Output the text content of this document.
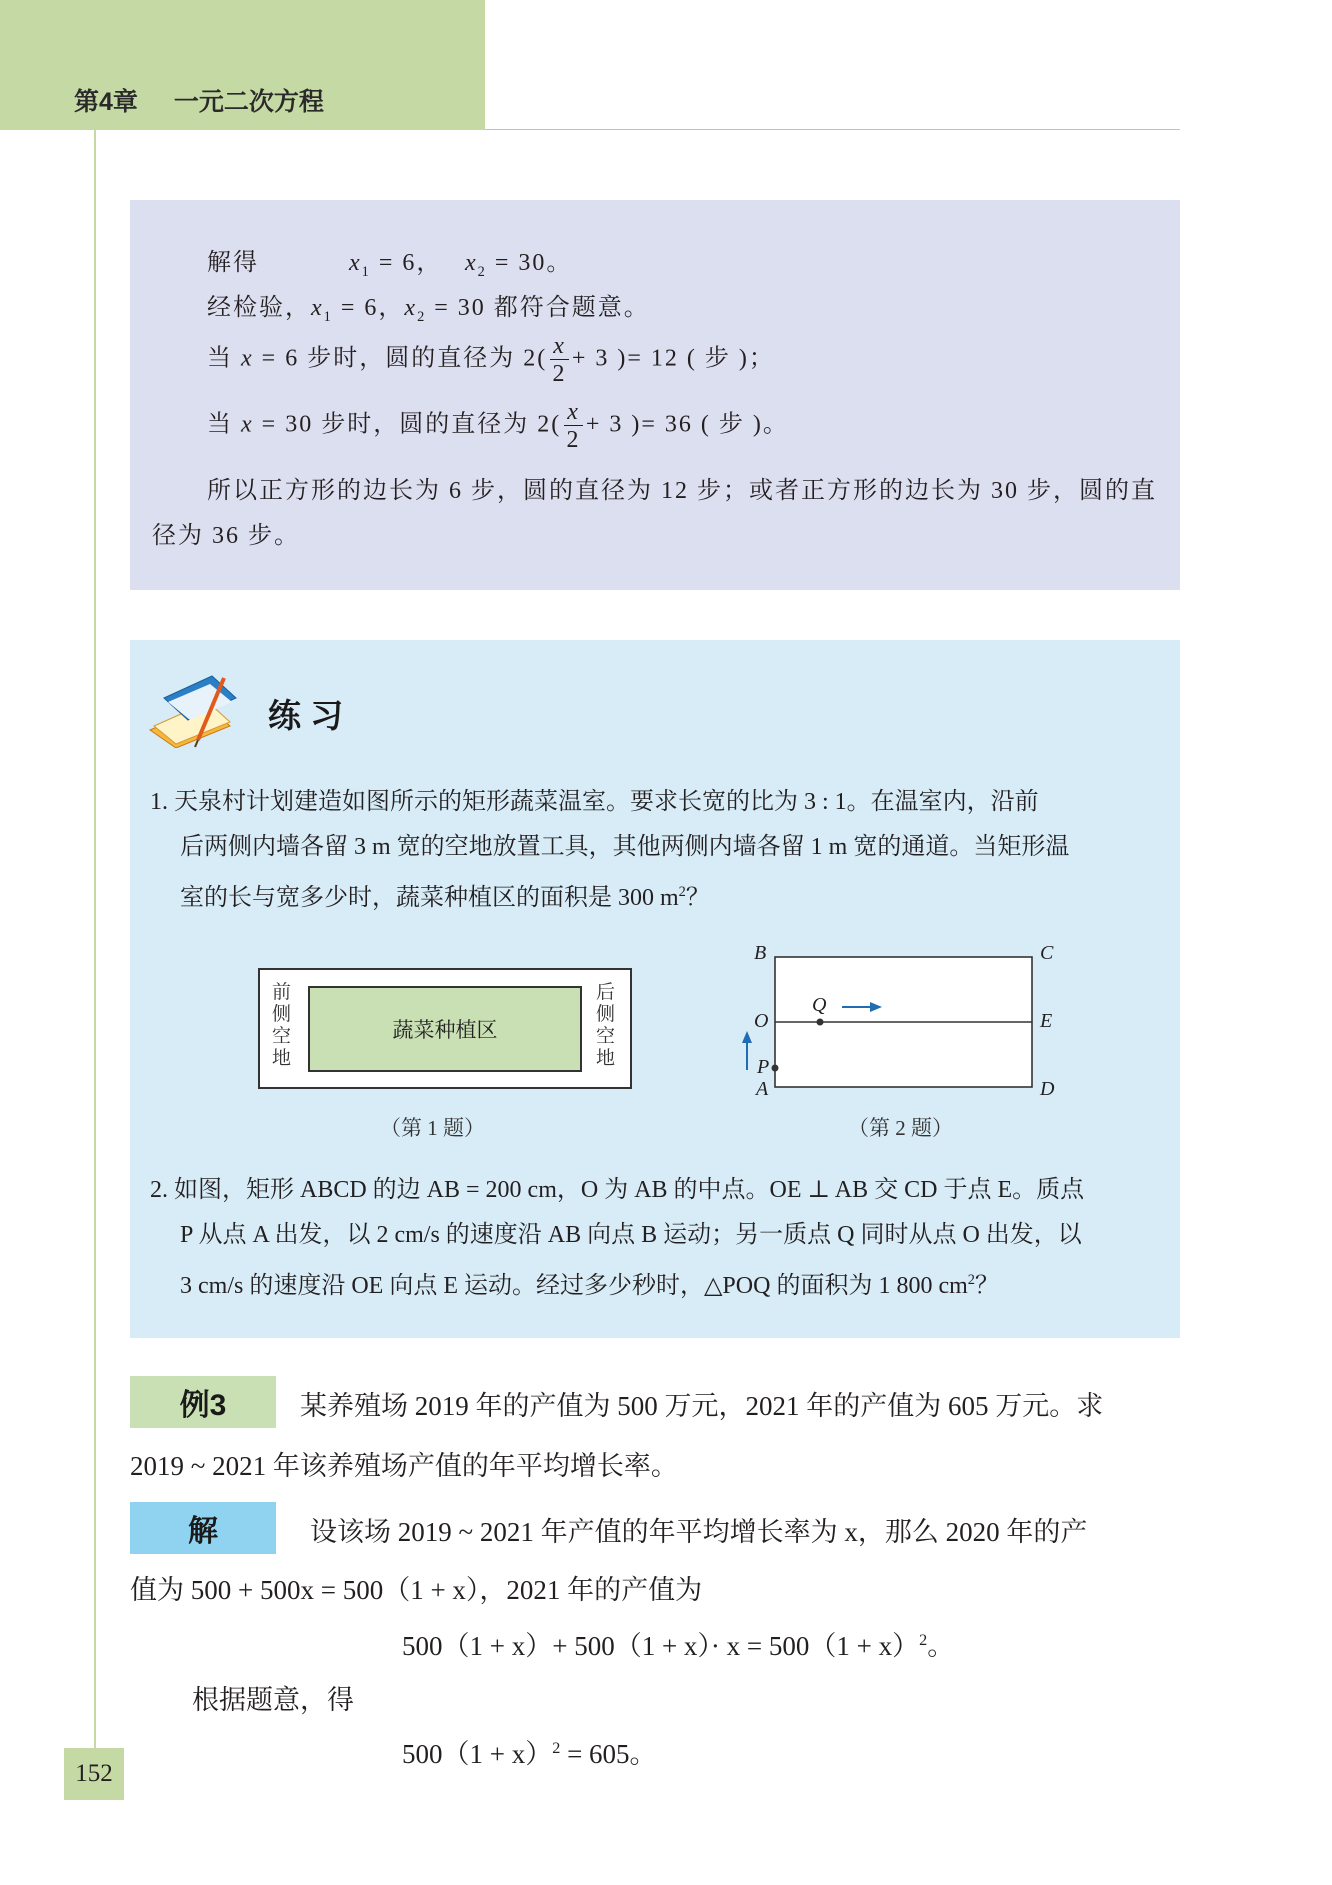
第4章 一元二次方程
解得	$x_1 = 6$， $x_2 = 30$。
经检验，$x_1 = 6$，$x_2 = 30$ 都符合题意。
当 x = 6 步时，圆的直径为 $2( \frac{x}{2} + 3$ )= 12 ( 步 )；
当 x = 30 步时，圆的直径为 $2( \frac{x}{2} + 3$ )= 36 ( 步 )。
所以正方形的边长为 6 步，圆的直径为 12 步；或者正方形的边长为 30 步，圆的直
径为 36 步。
练 习
1. 天泉村计划建造如图所示的矩形蔬菜温室。要求长宽的比为 3 : 1。在温室内，沿前
后两侧内墙各留 3 m 宽的空地放置工具，其他两侧内墙各留 1 m 宽的通道。当矩形温
室的长与宽多少时，蔬菜种植区的面积是 300 $m^2$？
蔬菜种植区
前
侧
空
地
后
侧
空
地
（第 1 题）
B	C
O	E
Q
P
A	D
（第 2 题）
2. 如图，矩形 ABCD 的边 AB = 200 cm，O 为 AB 的中点。OE ⊥ AB 交 CD 于点 E。质点
P 从点 A 出发，以 2 cm/s 的速度沿 AB 向点 B 运动；另一质点 Q 同时从点 O 出发，以
3 cm/s 的速度沿 OE 向点 E 运动。经过多少秒时，△POQ 的面积为 1 800 $cm^2$？
例3	某养殖场 2019 年的产值为 500 万元，2021 年的产值为 605 万元。求
2019 ~ 2021 年该养殖场产值的年平均增长率。
解	设该场 2019 ~ 2021 年产值的年平均增长率为 x，那么 2020 年的产
值为 500 + 500x = 500（1 + x），2021 年的产值为
$500(1 + x)+ 500(1 + x)\cdot x = 500(1 + x)^2$。
根据题意，得
$500(1 + x)^2 = 605$。
152
